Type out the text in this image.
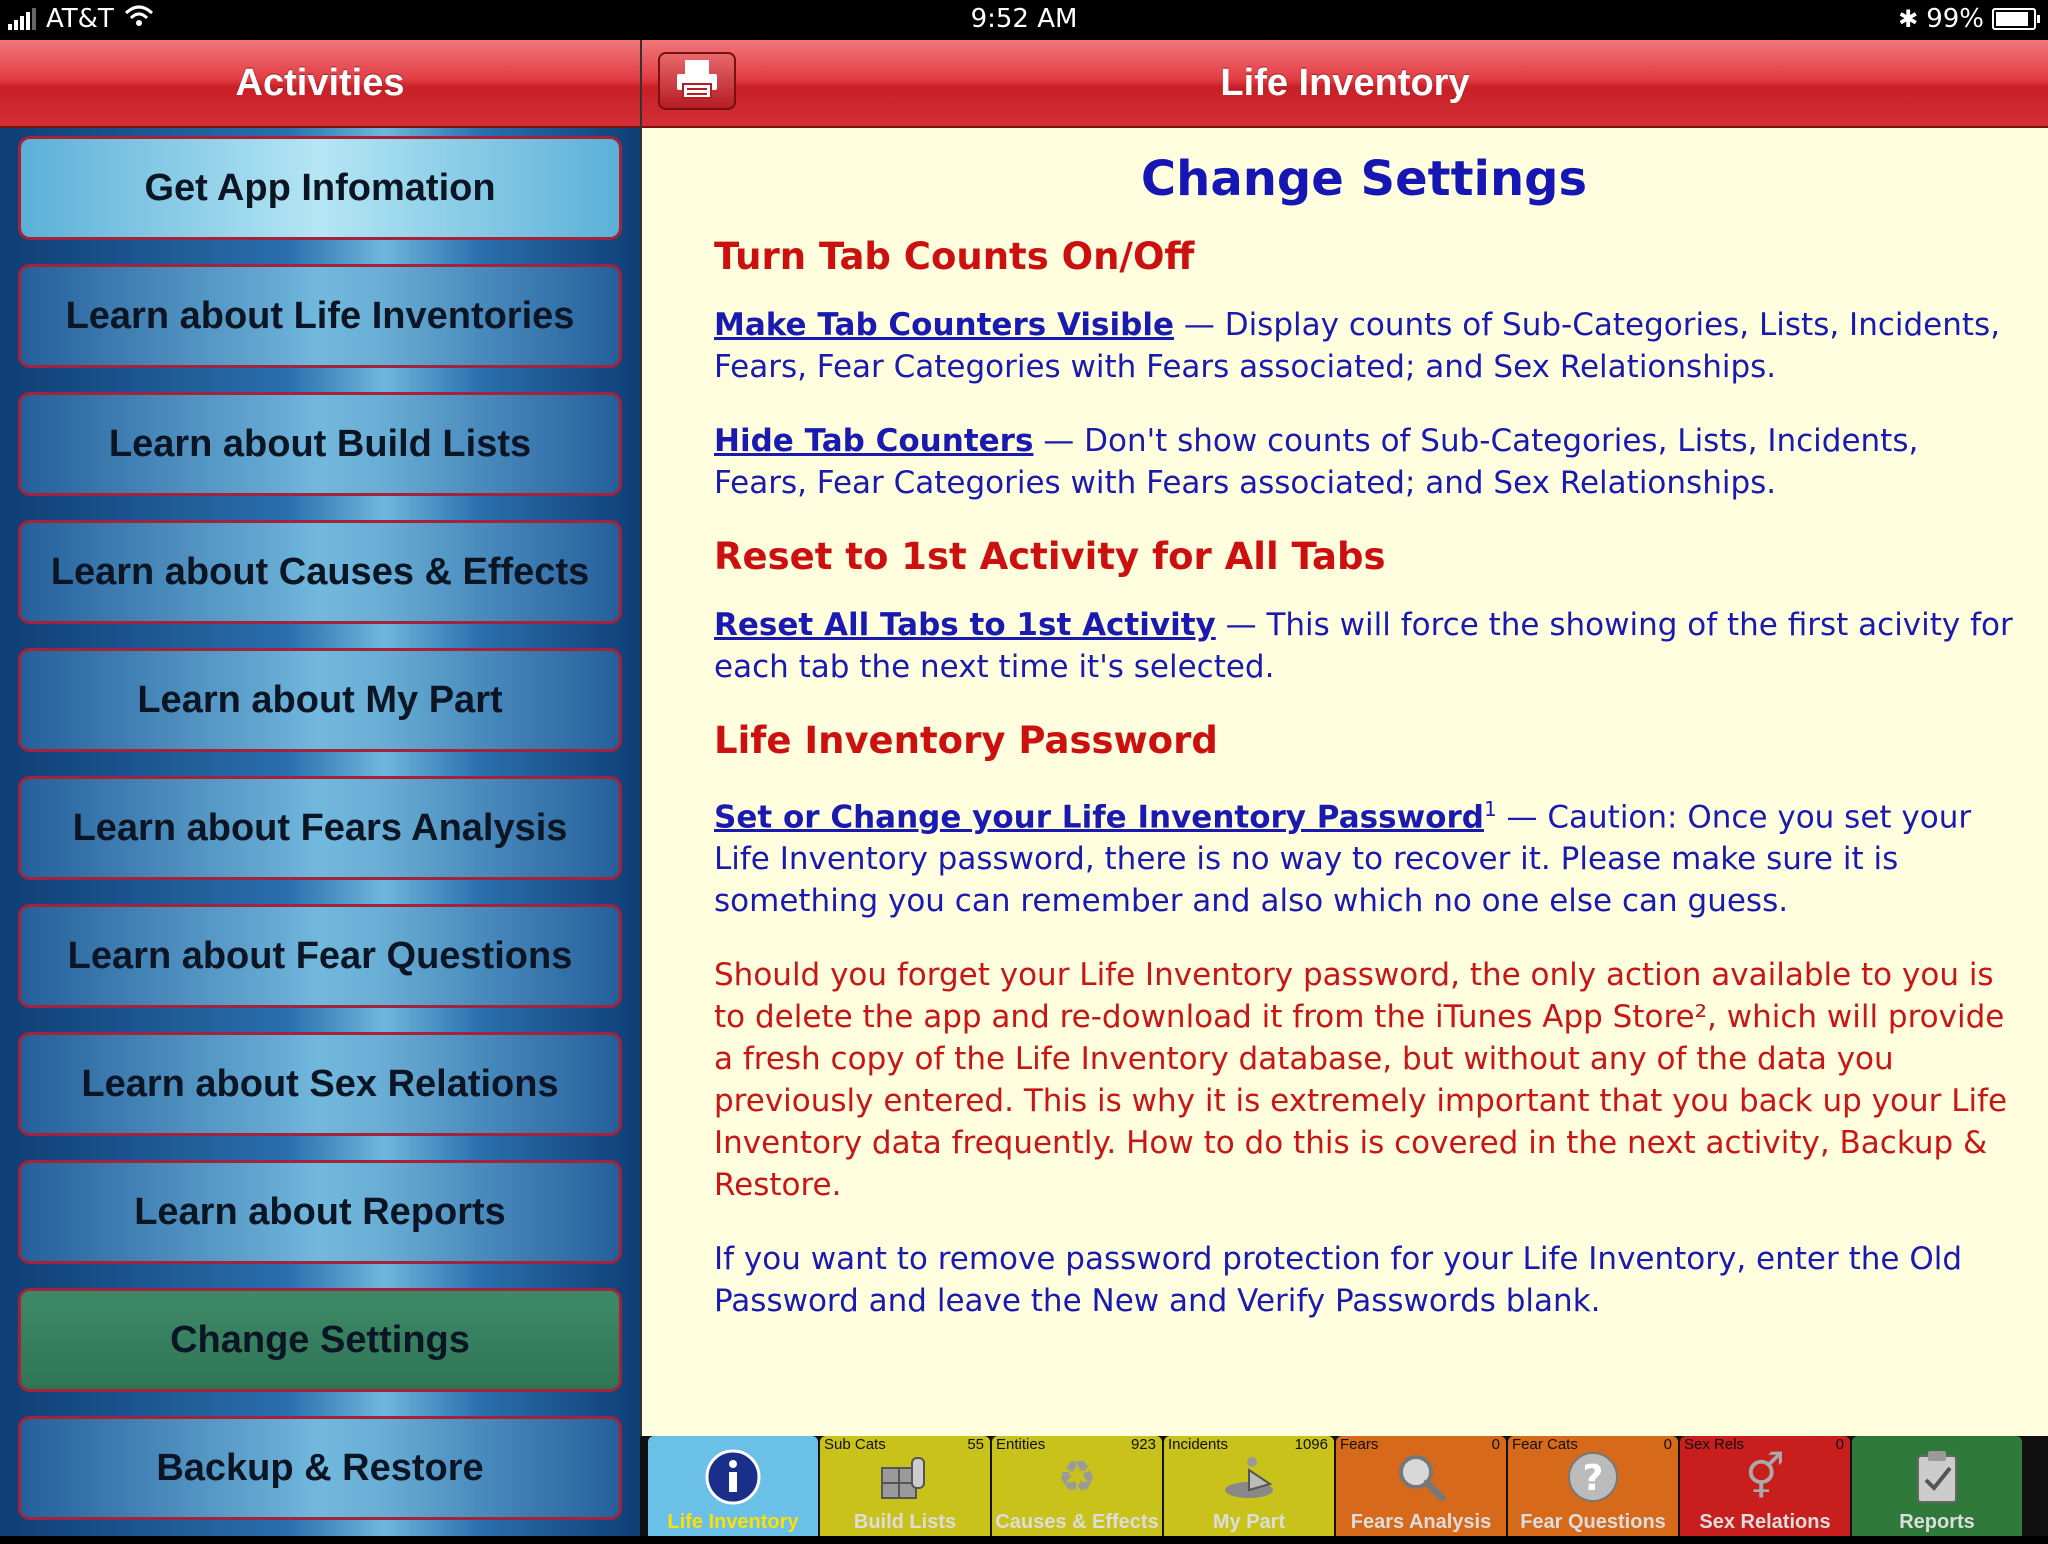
AT&T	9:52 AM	✱ 99%
Activities
Get App Infomation
Learn about Life Inventories
Learn about Build Lists
Learn about Causes & Effects
Learn about My Part
Learn about Fears Analysis
Learn about Fear Questions
Learn about Sex Relations
Learn about Reports
Change Settings
Backup & Restore
Life Inventory
Change Settings
Turn Tab Counts On/Off

Make Tab Counters Visible — Display counts of Sub-Categories, Lists, Incidents, Fears, Fear Categories with Fears associated; and Sex Relationships.

Hide Tab Counters — Don't show counts of Sub-Categories, Lists, Incidents, Fears, Fear Categories with Fears associated; and Sex Relationships.

Reset to 1st Activity for All Tabs

Reset All Tabs to 1st Activity — This will force the showing of the first acivity for each tab the next time it's selected.

Life Inventory Password

Set or Change your Life Inventory Password$^1$ — Caution: Once you set your Life Inventory password, there is no way to recover it. Please make sure it is something you can remember and also which no one else can guess.

Should you forget your Life Inventory password, the only action available to you is to delete the app and re-download it from the iTunes App Store², which will provide a fresh copy of the Life Inventory database, but without any of the data you previously entered. This is why it is extremely important that you back up your Life Inventory data frequently. How to do this is covered in the next activity, Backup & Restore.

If you want to remove password protection for your Life Inventory, enter the Old Password and leave the New and Verify Passwords blank.

Life Inventory
Sub Cats	55
Build Lists
Entities	923
♻
Causes & Effects
Incidents	1096
My Part
Fears	0
Fears Analysis
Fear Cats	0
?
Fear Questions
Sex Rels	0
⚥
Sex Relations	Reports
